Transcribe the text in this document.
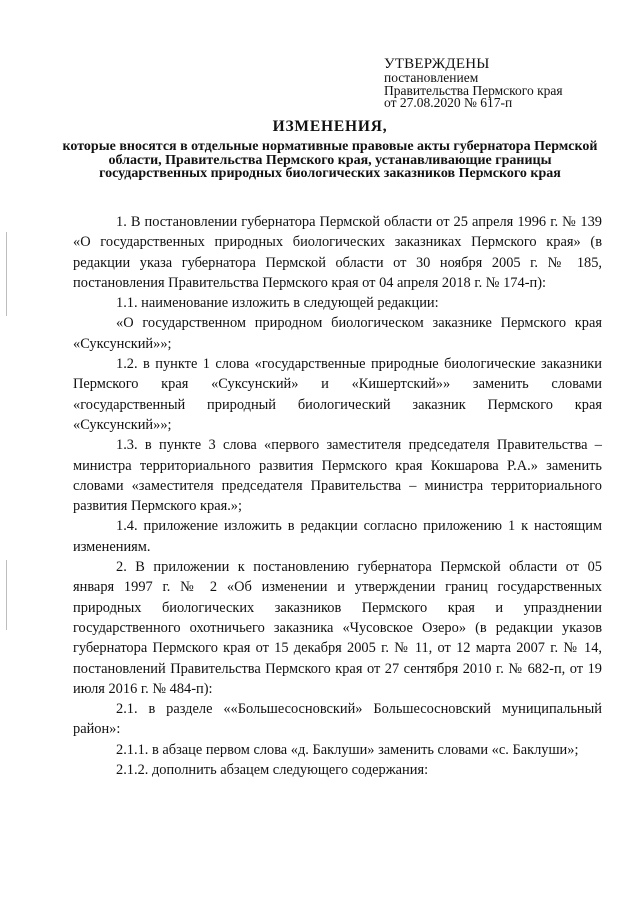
УТВЕРЖДЕНЫ
постановлением
Правительства Пермского края
от 27.08.2020 № 617-п
ИЗМЕНЕНИЯ,
которые вносятся в отдельные нормативные правовые акты губернатора Пермской области, Правительства Пермского края, устанавливающие границы государственных природных биологических заказников Пермского края

1. В постановлении губернатора Пермской области от 25 апреля 1996 г. № 139 «О государственных природных биологических заказниках Пермского края» (в редакции указа губернатора Пермской области от 30 ноября 2005 г. № 185, постановления Правительства Пермского края от 04 апреля 2018 г. № 174-п):

1.1. наименование изложить в следующей редакции:

«О государственном природном биологическом заказнике Пермского края «Суксунский»»;

1.2. в пункте 1 слова «государственные природные биологические заказники Пермского края «Суксунский» и «Кишертский»» заменить словами «государственный природный биологический заказник Пермского края «Суксунский»»;

1.3. в пункте 3 слова «первого заместителя председателя Правительства – министра территориального развития Пермского края Кокшарова Р.А.» заменить словами «заместителя председателя Правительства – министра территориального развития Пермского края.»;

1.4. приложение изложить в редакции согласно приложению 1 к настоящим изменениям.

2. В приложении к постановлению губернатора Пермской области от 05 января 1997 г. № 2 «Об изменении и утверждении границ государственных природных биологических заказников Пермского края и упразднении государственного охотничьего заказника «Чусовское Озеро» (в редакции указов губернатора Пермского края от 15 декабря 2005 г. № 11, от 12 марта 2007 г. № 14, постановлений Правительства Пермского края от 27 сентября 2010 г. № 682-п, от 19 июля 2016 г. № 484-п):

2.1. в разделе ««Большесосновский» Большесосновский муниципальный район»:

2.1.1. в абзаце первом слова «д. Баклуши» заменить словами «с. Баклуши»;

2.1.2. дополнить абзацем следующего содержания:
